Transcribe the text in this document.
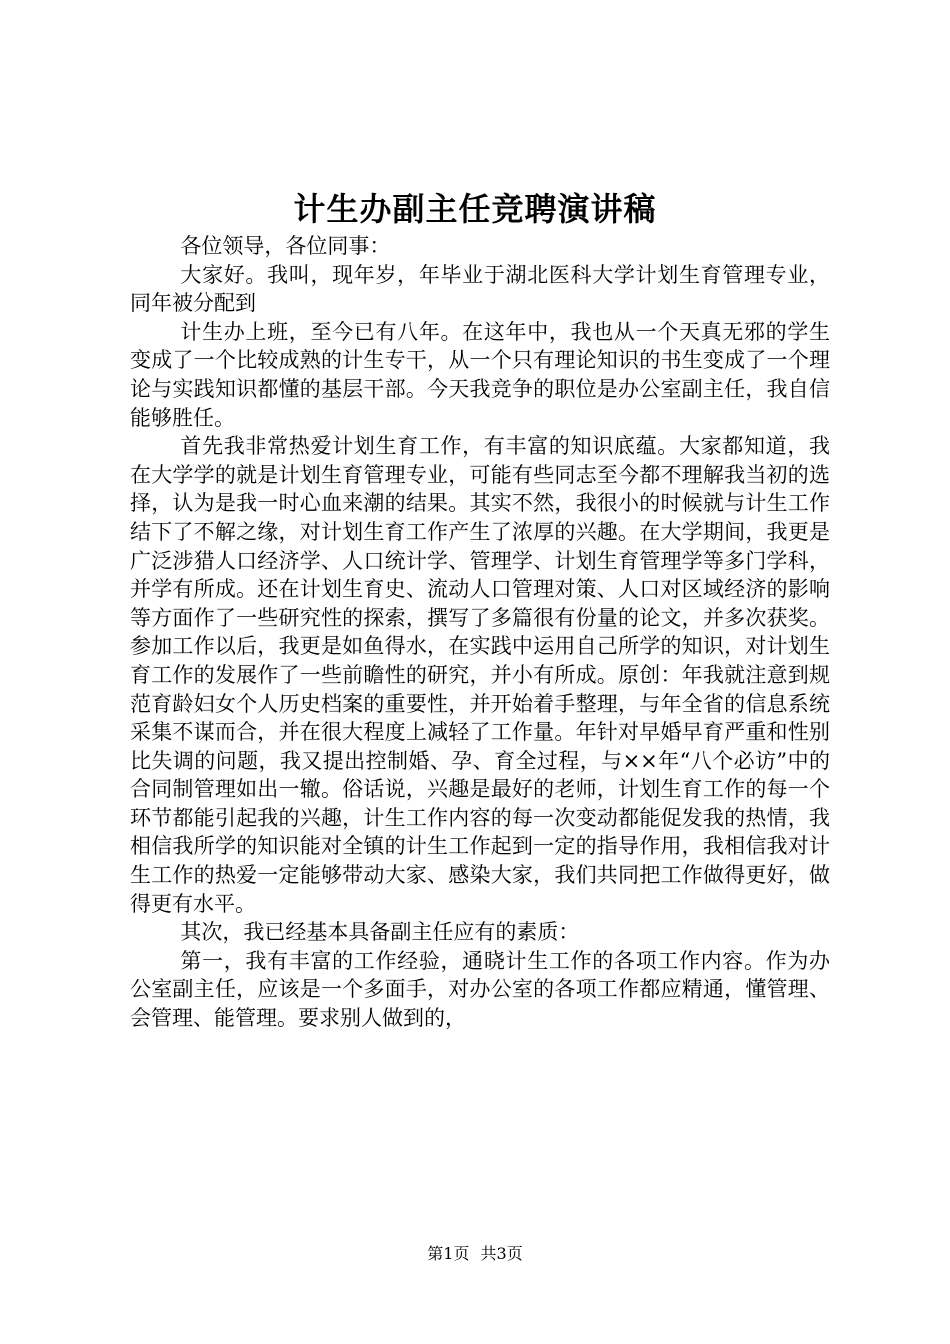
计生办副主任竞聘演讲稿

各位领导，各位同事：

大家好。我叫，现年岁，年毕业于湖北医科大学计划生育管理专业，同年被分配到

计生办上班，至今已有八年。在这年中，我也从一个天真无邪的学生变成了一个比较成熟的计生专干，从一个只有理论知识的书生变成了一个理论与实践知识都懂的基层干部。今天我竞争的职位是办公室副主任，我自信能够胜任。

首先我非常热爱计划生育工作，有丰富的知识底蕴。大家都知道，我在大学学的就是计划生育管理专业，可能有些同志至今都不理解我当初的选择，认为是我一时心血来潮的结果。其实不然，我很小的时候就与计生工作结下了不解之缘，对计划生育工作产生了浓厚的兴趣。在大学期间，我更是广泛涉猎人口经济学、人口统计学、管理学、计划生育管理学等多门学科，并学有所成。还在计划生育史、流动人口管理对策、人口对区域经济的影响等方面作了一些研究性的探索，撰写了多篇很有份量的论文，并多次获奖。参加工作以后，我更是如鱼得水，在实践中运用自己所学的知识，对计划生育工作的发展作了一些前瞻性的研究，并小有所成。原创：年我就注意到规范育龄妇女个人历史档案的重要性，并开始着手整理，与年全省的信息系统采集不谋而合，并在很大程度上减轻了工作量。年针对早婚早育严重和性别比失调的问题，我又提出控制婚、孕、育全过程，与××年“八个必访”中的合同制管理如出一辙。俗话说，兴趣是最好的老师，计划生育工作的每一个环节都能引起我的兴趣，计生工作内容的每一次变动都能促发我的热情，我相信我所学的知识能对全镇的计生工作起到一定的指导作用，我相信我对计生工作的热爱一定能够带动大家、感染大家，我们共同把工作做得更好，做得更有水平。

其次，我已经基本具备副主任应有的素质：

第一，我有丰富的工作经验，通晓计生工作的各项工作内容。作为办公室副主任，应该是一个多面手，对办公室的各项工作都应精通，懂管理、会管理、能管理。要求别人做到的，

第1页 共3页
